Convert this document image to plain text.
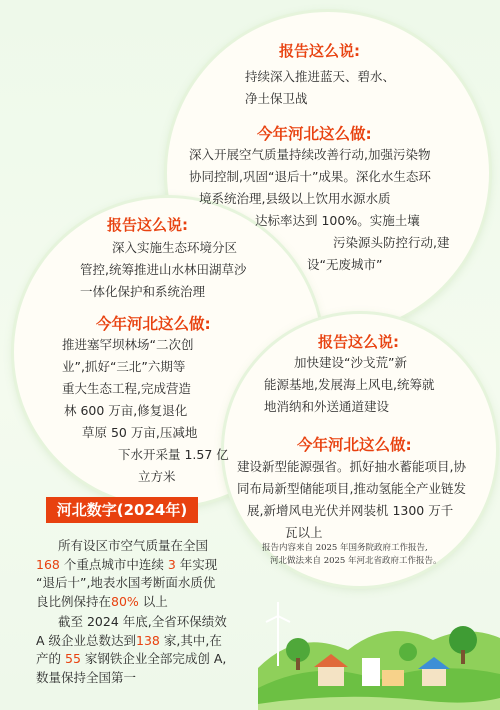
报告这么说:
持续深入推进蓝天、碧水、
净土保卫战
今年河北这么做:
深入开展空气质量持续改善行动,加强污染物
协同控制,巩固“退后十”成果。深化水生态环
境系统治理,县级以上饮用水源水质
达标率达到 100%。实施土壤
污染源头防控行动,建
设“无废城市”
报告这么说:
深入实施生态环境分区
管控,统筹推进山水林田湖草沙
一体化保护和系统治理
今年河北这么做:
推进塞罕坝林场“二次创
业”,抓好“三北”六期等
重大生态工程,完成营造
林 600 万亩,修复退化
草原 50 万亩,压减地
下水开采量 1.57 亿
立方米
报告这么说:
加快建设“沙戈荒”新
能源基地,发展海上风电,统筹就
地消纳和外送通道建设
今年河北这么做:
建设新型能源强省。抓好抽水蓄能项目,协
同布局新型储能项目,推动氢能全产业链发
展,新增风电光伏并网装机 1300 万千
瓦以上
报告内容来自 2025 年国务院政府工作报告,
河北做法来自 2025 年河北省政府工作报告。
河北数字(2024年)
所有设区市空气质量在全国
168 个重点城市中连续 3 年实现
“退后十”,地表水国考断面水质优
良比例保持在80% 以上
截至 2024 年底,全省环保绩效
A 级企业总数达到138 家,其中,在
产的 55 家钢铁企业全部完成创 A,
数量保持全国第一
